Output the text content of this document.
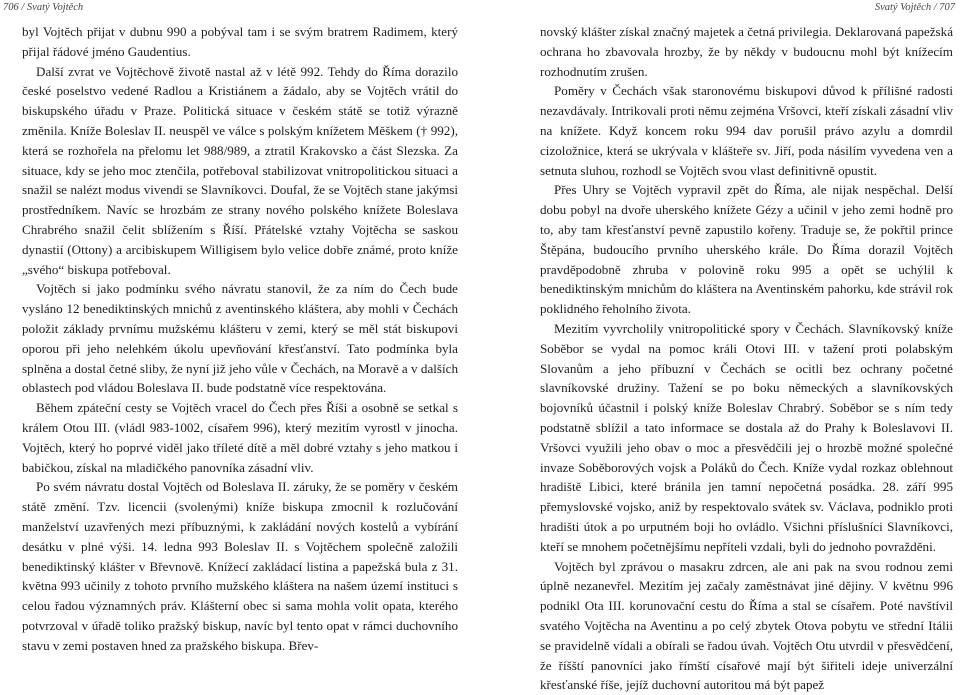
706 / Svatý Vojtěch

byl Vojtěch přijat v dubnu 990 a pobýval tam i se svým bratrem Radimem, který přijal řádové jméno Gaudentius.

Další zvrat ve Vojtěchově životě nastal až v létě 992. Tehdy do Říma dorazilo české poselstvo vedené Radlou a Kristiánem a žádalo, aby se Vojtěch vrátil do biskupského úřadu v Praze. Politická situace v českém státě se totiž výrazně změnila. Kníže Boleslav II. neuspěl ve válce s polským knížetem Měškem († 992), která se rozhořela na přelomu let 988/989, a ztratil Krakovsko a část Slezska. Za situace, kdy se jeho moc ztenčila, potřeboval stabilizovat vnitropolitickou situaci a snažil se nalézt modus vivendi se Slavníkovci. Doufal, že se Vojtěch stane jakýmsi prostředníkem. Navíc se hrozbám ze strany nového polského knížete Boleslava Chrabrého snažil čelit sblížením s Říší. Přátelské vztahy Vojtěcha se saskou dynastií (Ottony) a arcibiskupem Willigisem bylo velice dobře známé, proto kníže „svého“ biskupa potřeboval.

Vojtěch si jako podmínku svého návratu stanovil, že za ním do Čech bude vysláno 12 benediktinských mnichů z aventinského kláštera, aby mohli v Čechách položit základy prvnímu mužskému klášteru v zemi, který se měl stát biskupovi oporou při jeho nelehkém úkolu upevňování křesťanství. Tato podmínka byla splněna a dostal četné sliby, že nyní již jeho vůle v Čechách, na Moravě a v dalších oblastech pod vládou Boleslava II. bude podstatně více respektována.

Během zpáteční cesty se Vojtěch vracel do Čech přes Říši a osobně se setkal s králem Otou III. (vládl 983-1002, císařem 996), který mezitím vyrostl v jinocha. Vojtěch, který ho poprvé viděl jako tříleté dítě a měl dobré vztahy s jeho matkou i babičkou, získal na mladičkého panovníka zásadní vliv.

Po svém návratu dostal Vojtěch od Boleslava II. záruky, že se poměry v českém státě změní. Tzv. licencii (svolenými) kníže biskupa zmocnil k rozlučování manželství uzavřených mezi příbuznými, k zakládání nových kostelů a vybírání desátku v plné výši. 14. ledna 993 Boleslav II. s Vojtěchem společně založili benediktinský klášter v Břevnově. Knížecí zakládací listina a papežská bula z 31. května 993 učinily z tohoto prvního mužského kláštera na našem území instituci s celou řadou významných práv. Klášterní obec si sama mohla volit opata, kterého potvrzoval v úřadě toliko pražský biskup, navíc byl tento opat v rámci duchovního stavu v zemi postaven hned za pražského biskupa. Břev-

Svatý Vojtěch / 707

novský klášter získal značný majetek a četná privilegia. Deklarovaná papežská ochrana ho zbavovala hrozby, že by někdy v budoucnu mohl být knížecím rozhodnutím zrušen.

Poměry v Čechách však staronovému biskupovi důvod k přílišné radosti nezavdávaly. Intrikovali proti němu zejména Vršovci, kteří získali zásadní vliv na knížete. Když koncem roku 994 dav porušil právo azylu a domrdil cizoložnice, která se ukrývala v klášteře sv. Jiří, poda násilím vyvedena ven a setnuta sluhou, rozhodl se Vojtěch svou vlast definitivně opustit.

Přes Uhry se Vojtěch vypravil zpět do Říma, ale nijak nespěchal. Delší dobu pobyl na dvoře uherského knížete Gézy a učinil v jeho zemi hodně pro to, aby tam křesťanství pevně zapustilo kořeny. Traduje se, že pokřtil prince Štěpána, budoucího prvního uherského krále. Do Říma dorazil Vojtěch pravděpodobně zhruba v polovině roku 995 a opět se uchýlil k benediktinským mnichům do kláštera na Aventinském pahorku, kde strávil rok poklidného řeholního života.

Mezitím vyvrcholily vnitropolitické spory v Čechách. Slavníkovský kníže Soběbor se vydal na pomoc králi Otovi III. v tažení proti polabským Slovanům a jeho příbuzní v Čechách se ocitli bez ochrany početné slavníkovské družiny. Tažení se po boku německých a slavníkovských bojovníků účastnil i polský kníže Boleslav Chrabrý. Soběbor se s ním tedy podstatně sblížil a tato informace se dostala až do Prahy k Boleslavovi II. Vršovci využili jeho obav o moc a přesvědčili jej o hrozbě možné společné invaze Soběborových vojsk a Poláků do Čech. Kníže vydal rozkaz oblehnout hradiště Libici, které bránila jen tamní nepočetná posádka. 28. září 995 přemyslovské vojsko, aniž by respektovalo svátek sv. Václava, podniklo proti hradišti útok a po urputném boji ho ovládlo. Všichni příslušníci Slavníkovci, kteří se mnohem početnějšímu nepříteli vzdali, byli do jednoho povražděni.

Vojtěch byl zprávou o masakru zdrcen, ale ani pak na svou rodnou zemi úplně nezanevřel. Mezitím jej začaly zaměstnávat jiné dějiny. V květnu 996 podnikl Ota III. korunovační cestu do Říma a stal se císařem. Poté navštívil svatého Vojtěcha na Aventinu a po celý zbytek Otova pobytu ve střední Itálii se pravidelně vídali a obírali se řadou úvah. Vojtěch Otu utvrdil v přesvědčení, že říšští panovníci jako římští císařové mají být šiřiteli ideje univerzální křesťanské říše, jejíž duchovní autoritou má být papež
